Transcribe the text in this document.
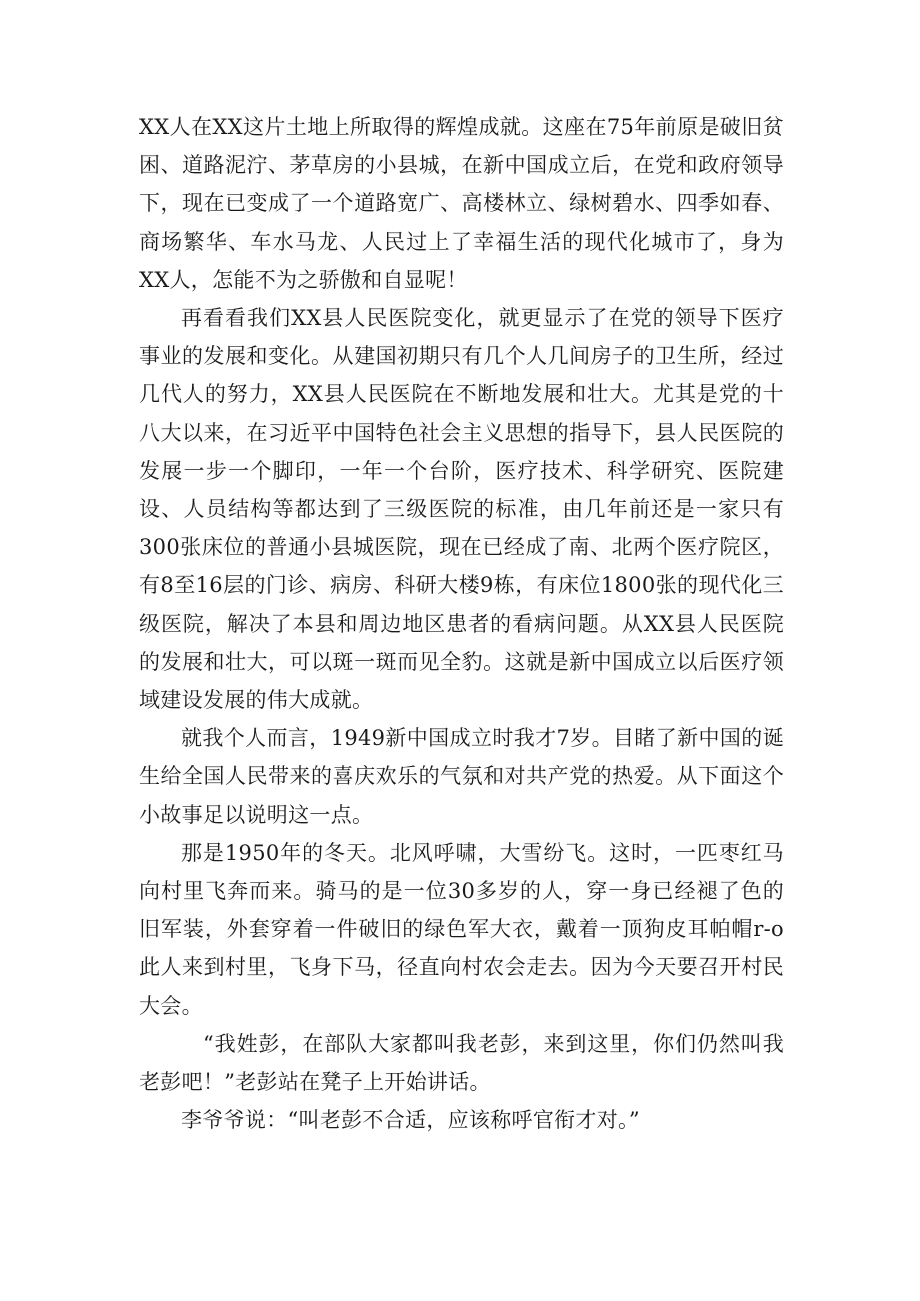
XX人在XX这片土地上所取得的辉煌成就。这座在75年前原是破旧贫困、道路泥泞、茅草房的小县城，在新中国成立后，在党和政府领导下，现在已变成了一个道路宽广、高楼林立、绿树碧水、四季如春、商场繁华、车水马龙、人民过上了幸福生活的现代化城市了，身为XX人，怎能不为之骄傲和自显呢！

再看看我们XX县人民医院变化，就更显示了在党的领导下医疗事业的发展和变化。从建国初期只有几个人几间房子的卫生所，经过几代人的努力，XX县人民医院在不断地发展和壮大。尤其是党的十八大以来，在习近平中国特色社会主义思想的指导下，县人民医院的发展一步一个脚印，一年一个台阶，医疗技术、科学研究、医院建设、人员结构等都达到了三级医院的标准，由几年前还是一家只有300张床位的普通小县城医院，现在已经成了南、北两个医疗院区，有8至16层的门诊、病房、科研大楼9栋，有床位1800张的现代化三级医院，解决了本县和周边地区患者的看病问题。从XX县人民医院的发展和壮大，可以斑一斑而见全豹。这就是新中国成立以后医疗领域建设发展的伟大成就。

就我个人而言，1949新中国成立时我才7岁。目睹了新中国的诞生给全国人民带来的喜庆欢乐的气氛和对共产党的热爱。从下面这个小故事足以说明这一点。

那是1950年的冬天。北风呼啸，大雪纷飞。这时，一匹枣红马向村里飞奔而来。骑马的是一位30多岁的人，穿一身已经褪了色的旧军装，外套穿着一件破旧的绿色军大衣，戴着一顶狗皮耳帕帽r-o此人来到村里，飞身下马，径直向村农会走去。因为今天要召开村民大会。

“我姓彭，在部队大家都叫我老彭，来到这里，你们仍然叫我老彭吧！”老彭站在凳子上开始讲话。

李爷爷说：“叫老彭不合适，应该称呼官衔才对。”
